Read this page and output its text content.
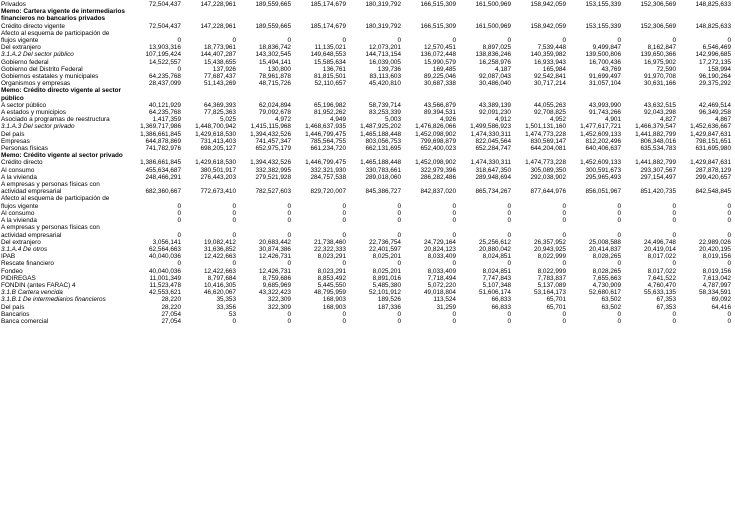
Privados	72,504,437	147,228,961	189,559,665	185,174,679	180,319,792	166,515,309	161,500,969	158,942,059	153,155,339	152,306,569	148,825,633
Memo: Cartera vigente de intermediarios financieros no bancarios privados											
Crédito directo vigente	72,504,437	147,228,961	189,559,665	185,174,679	180,319,792	166,515,309	161,500,969	158,942,059	153,155,339	152,306,569	148,825,633
Afecto al esquema de participación de flujos vigente	0	0	0	0	0	0	0	0	0	0	0
Del extranjero	13,903,316	18,773,961	18,836,742	11,135,021	12,073,201	12,570,451	8,897,025	7,539,448	9,499,847	8,162,847	6,546,469
3.1.A.2 Del sector público	107,195,424	144,407,287	143,302,545	149,648,553	144,713,154	136,072,448	138,836,246	140,359,982	139,500,806	139,650,366	142,996,685
Gobierno federal	14,522,557	15,438,655	15,494,141	15,585,634	16,039,005	15,990,579	16,258,976	16,933,943	16,700,436	16,975,902	17,272,135
Gobierno del Distrito Federal	0	137,926	130,800	136,761	139,736	169,485	4,187	165,984	43,769	72,590	158,994
Gobiernos estatales y municipales	64,235,768	77,687,437	78,961,878	81,815,501	83,113,603	89,225,046	92,087,043	92,542,841	91,699,497	91,970,708	96,190,264
Organismos y empresas	28,437,099	51,143,269	48,715,726	52,110,657	45,420,810	30,687,338	30,486,040	30,717,214	31,057,104	30,631,166	29,375,292
Memo: Crédito directo vigente al sector público											
A sector público	40,121,929	64,369,393	62,024,894	65,196,982	58,739,714	43,566,879	43,389,139	44,055,263	43,993,990	43,632,515	42,469,514
A estados y municipios	64,235,768	77,825,363	79,092,678	81,952,262	83,253,339	89,394,531	92,091,230	92,708,825	91,743,266	92,043,298	96,349,258
Asociado a programas de reestructura	1,417,359	5,025	4,972	4,949	5,003	4,926	4,912	4,952	4,901	4,827	4,867
3.1.A.3 Del sector privado	1,369,717,986	1,448,700,942	1,415,115,968	1,468,637,935	1,487,925,202	1,476,826,066	1,499,586,923	1,501,131,160	1,477,617,721	1,466,379,547	1,452,636,667
Del país	1,386,661,845	1,429,618,530	1,394,432,526	1,446,799,475	1,465,188,448	1,452,098,902	1,474,330,311	1,474,773,228	1,452,609,133	1,441,882,799	1,429,847,631
Empresas	644,878,869	731,413,403	741,457,347	785,564,755	803,056,753	799,698,879	822,045,564	830,569,147	812,202,496	806,348,016	798,151,651
Personas físicas	741,782,976	698,205,127	652,975,179	661,234,720	662,131,695	652,400,023	652,284,747	644,204,081	640,406,637	635,534,783	631,695,980
Memo: Crédito vigente al sector privado											
Crédito directo	1,386,661,845	1,429,618,530	1,394,432,526	1,446,799,475	1,465,188,448	1,452,098,902	1,474,330,311	1,474,773,228	1,452,609,133	1,441,882,799	1,429,847,631
Al consumo	455,634,687	380,501,917	332,382,995	332,321,930	330,783,661	322,979,396	318,647,350	305,089,350	300,591,673	293,307,567	287,878,129
A la vivienda	248,466,291	276,443,203	279,521,928	284,757,538	289,018,060	286,282,486	289,948,694	292,038,902	295,965,493	297,154,497	299,420,657
A empresas y personas físicas con actividad empresarial	682,360,667	772,673,410	782,527,603	829,720,007	845,386,727	842,837,020	865,734,267	877,644,976	856,051,967	851,420,735	842,548,845
Afecto al esquema de participación de flujos vigente	0	0	0	0	0	0	0	0	0	0	0
Al consumo	0	0	0	0	0	0	0	0	0	0	0
A la vivienda	0	0	0	0	0	0	0	0	0	0	0
A empresas y personas físicas con actividad empresarial	0	0	0	0	0	0	0	0	0	0	0
Del extranjero	3,056,141	19,082,412	20,683,442	21,738,460	22,736,754	24,729,164	25,256,612	26,357,952	25,008,588	24,496,748	22,989,026
3.1.A.4 De otros	62,564,663	31,636,852	30,874,386	22,322,333	22,401,597	20,824,123	20,880,042	20,943,925	20,414,837	20,419,014	20,420,195
IPAB	40,040,036	12,422,663	12,426,731	8,023,291	8,025,201	8,033,409	8,024,851	8,022,999	8,028,265	8,017,022	8,019,156
Rescate financiero	0	0	0	0	0	0	0	0	0	0	0
Fondeo	40,040,036	12,422,663	12,426,731	8,023,291	8,025,201	8,033,409	8,024,851	8,022,999	8,028,265	8,017,022	8,019,156
PIDIREGAS	11,001,349	8,797,684	8,759,686	8,853,492	8,891,016	7,718,494	7,747,843	7,783,837	7,655,663	7,641,522	7,613,042
FONDIN (antes FARAC) 4	11,523,478	10,416,305	9,685,969	5,445,550	5,485,380	5,072,220	5,107,348	5,137,089	4,730,909	4,760,470	4,787,997
3.1.B Cartera vencida	42,553,621	46,620,067	43,322,423	48,795,959	52,101,912	49,018,804	51,606,174	53,164,173	52,680,617	55,633,135	58,334,591
3.1.B.1 De intermediarios financieros	28,220	35,353	322,309	168,903	189,526	113,524	66,833	65,701	63,502	67,353	69,092
Del país	28,220	33,356	322,309	168,903	187,336	31,259	66,833	65,701	63,502	67,353	64,416
Bancarios	27,054	53	0	0	0	0	0	0	0	0	0
Banca comercial	27,054	0	0	0	0	0	0	0	0	0	0
